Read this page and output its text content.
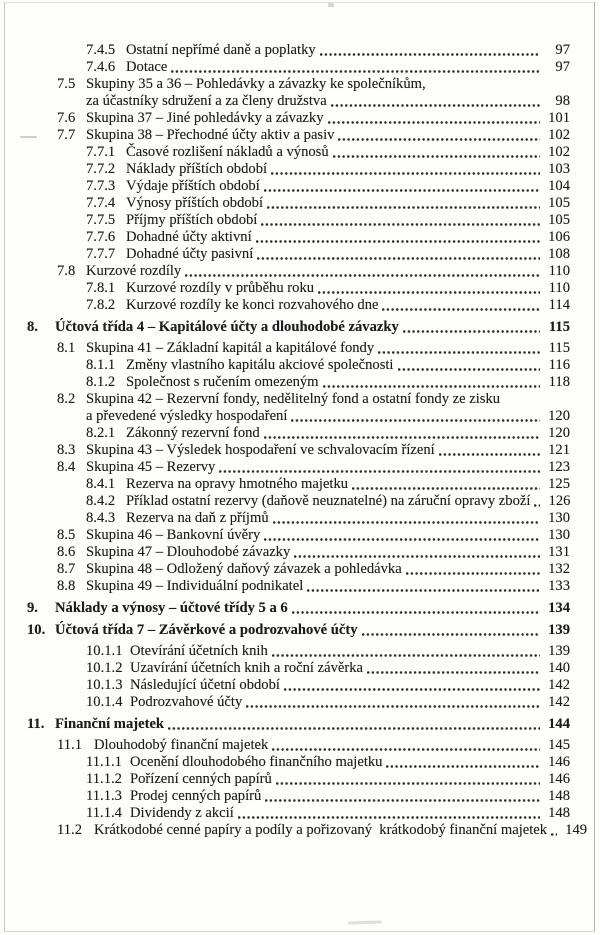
7.4.5 Ostatní nepřímé daně a poplatky	97
7.4.6 Dotace	97
7.5 Skupiny 35 a 36 – Pohledávky a závazky ke společníkům,
za účastníky sdružení a za členy družstva	98
7.6 Skupina 37 – Jiné pohledávky a závazky	101
7.7 Skupina 38 – Přechodné účty aktiv a pasiv	102
7.7.1 Časové rozlišení nákladů a výnosů	102
7.7.2 Náklady příštích období	103
7.7.3 Výdaje příštích období	104
7.7.4 Výnosy příštích období	105
7.7.5 Příjmy příštích období	105
7.7.6 Dohadné účty aktivní	106
7.7.7 Dohadné účty pasivní	108
7.8 Kurzové rozdíly	110
7.8.1 Kurzové rozdíly v průběhu roku	110
7.8.2 Kurzové rozdíly ke konci rozvahového dne	114
8.	Účtová třída 4 – Kapitálové účty a dlouhodobé závazky	115
8.1 Skupina 41 – Základní kapitál a kapitálové fondy	115
8.1.1 Změny vlastního kapitálu akciové společnosti	116
8.1.2 Společnost s ručením omezeným	118
8.2 Skupina 42 – Rezervní fondy, nedělitelný fond a ostatní fondy ze zisku
a převedené výsledky hospodaření	120
8.2.1 Zákonný rezervní fond	120
8.3 Skupina 43 – Výsledek hospodaření ve schvalovacím řízení	121
8.4 Skupina 45 – Rezervy	123
8.4.1 Rezerva na opravy hmotného majetku	125
8.4.2 Příklad ostatní rezervy (daňově neuznatelné) na záruční opravy zboží	126
8.4.3 Rezerva na daň z příjmů	130
8.5 Skupina 46 – Bankovní úvěry	130
8.6 Skupina 47 – Dlouhodobé závazky	131
8.7 Skupina 48 – Odložený daňový závazek a pohledávka	132
8.8 Skupina 49 – Individuální podnikatel	133
9.	Náklady a výnosy – účtové třídy 5 a 6	134
10. Účtová třída 7 – Závěrkové a podrozvahové účty	139
10.1.1 Otevírání účetních knih	139
10.1.2 Uzavírání účetních knih a roční závěrka	140
10.1.3 Následující účetní období	142
10.1.4 Podrozvahové účty	142
11. Finanční majetek	144
11.1 Dlouhodobý finanční majetek	145
11.1.1 Ocenění dlouhodobého finančního majetku	146
11.1.2 Pořízení cenných papírů	146
11.1.3 Prodej cenných papírů	148
11.1.4 Dividendy z akcií	148
11.2 Krátkodobé cenné papíry a podíly a pořizovaný  krátkodobý finanční majetek	149
